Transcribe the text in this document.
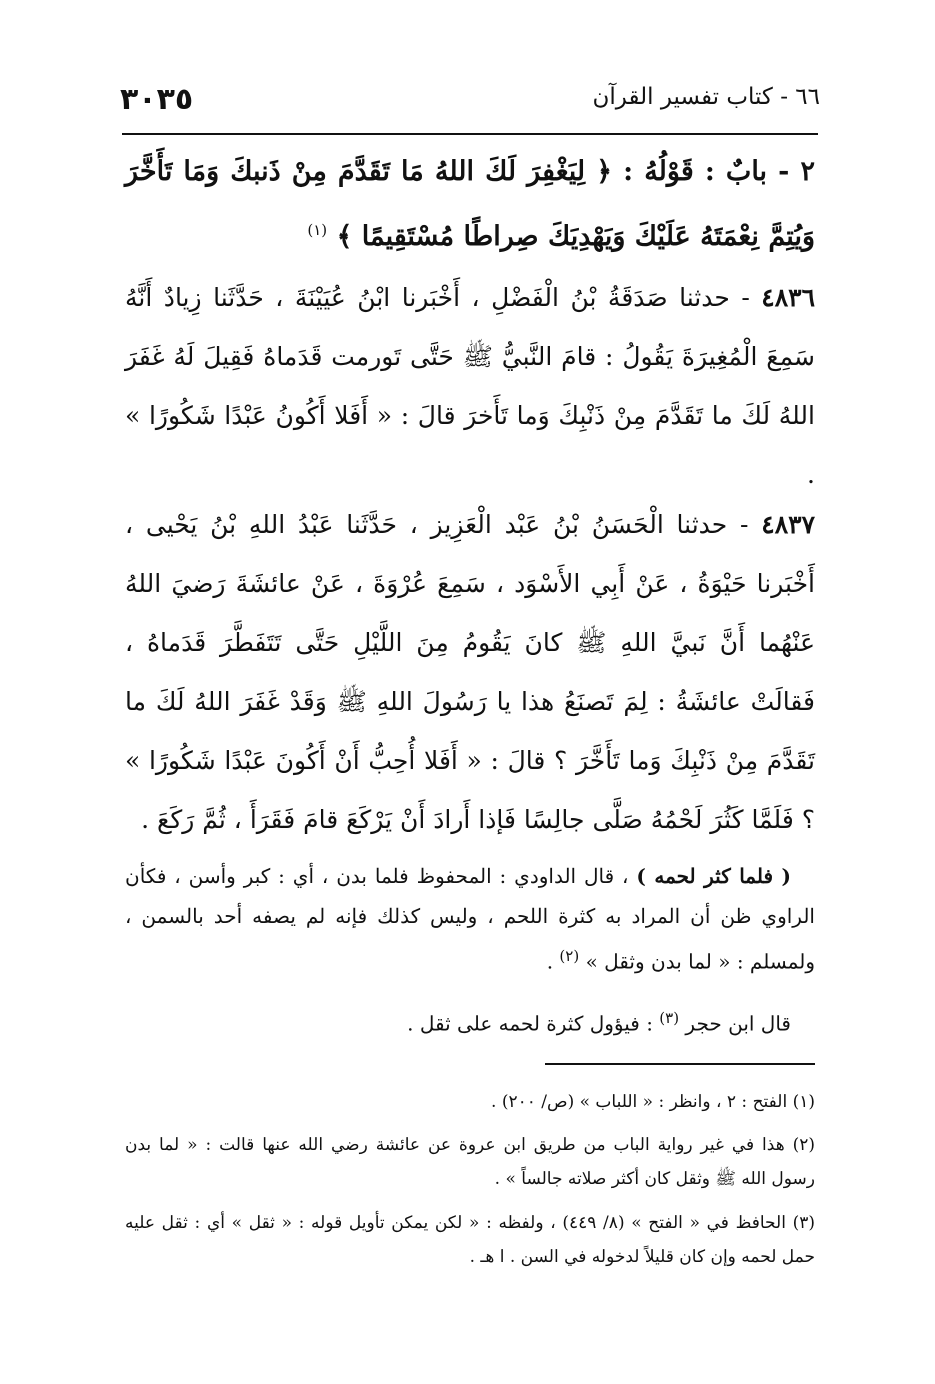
٣٠٣٥	٦٦ - كتاب تفسير القرآن
٢ - بابٌ : قَوْلُهُ : ﴿ لِيَغْفِرَ لَكَ اللهُ مَا تَقَدَّمَ مِنْ ذَنبكَ وَمَا تَأَخَّرَ وَيُتِمَّ نِعْمَتَهُ عَلَيْكَ وَيَهْدِيَكَ صِراطًا مُسْتَقِيمًا ﴾ $^{(١)}$
٤٨٣٦ - حدثنا صَدَقَةُ بْنُ الْفَضْلِ ، أَخْبَرنا ابْنُ عُيَيْنَةَ ، حَدَّثَنا زِيادٌ أَنَّهُ سَمِعَ الْمُغِيرَةَ يَقُولُ : قامَ النَّبيُّ ﷺ حَتَّى تَورمت قَدَماهُ فَقِيلَ لَهُ غَفَرَ اللهُ لَكَ ما تَقَدَّمَ مِنْ ذَنْبِكَ وَما تَأَخرَ قالَ : « أَفَلا أَكُونُ عَبْدًا شَكُورًا » .
٤٨٣٧ - حدثنا الْحَسَنُ بْنُ عَبْد الْعَزِيز ، حَدَّثَنا عَبْدُ اللهِ بْنُ يَحْيى ، أَخْبَرنا حَيْوَةُ ، عَنْ أَبِي الأَسْوَد ، سَمِعَ عُرْوَةَ ، عَنْ عائشَةَ رَضيَ اللهُ عَنْهُما أَنَّ نَبيَّ اللهِ ﷺ كانَ يَقُومُ مِنَ اللَّيْلِ حَتَّى تَتَفَطَّرَ قَدَماهُ ، فَقالَتْ عائشَةُ : لِمَ تَصنَعُ هذا يا رَسُولَ اللهِ ﷺ وَقَدْ غَفَرَ اللهُ لَكَ ما تَقَدَّمَ مِنْ ذَنْبِكَ وَما تَأَخَّرَ ؟ قالَ : « أَفَلا أُحِبُّ أَنْ أَكُونَ عَبْدًا شَكُورًا » ؟ فَلَمَّا كَثُرَ لَحْمُهُ صَلَّى جالِسًا فَإذا أَرادَ أَنْ يَرْكَعَ قامَ فَقَرَأَ ، ثُمَّ رَكَعَ .
( فلما كثر لحمه ) ، قال الداودي : المحفوظ فلما بدن ، أي : كبر وأسن ، فكأن الراوي ظن أن المراد به كثرة اللحم ، وليس كذلك فإنه لم يصفه أحد بالسمن ، ولمسلم : « لما بدن وثقل » $^{(٢)}$ .
قال ابن حجر $^{(٣)}$ : فيؤول كثرة لحمه على ثقل .
(١) الفتح : ٢ ، وانظر : « اللباب » (ص/ ٢٠٠) .
(٢) هذا في غير رواية الباب من طريق ابن عروة عن عائشة رضي الله عنها قالت : « لما بدن رسول الله ﷺ وثقل كان أكثر صلاته جالساً » .
(٣) الحافظ في « الفتح » (٨/ ٤٤٩) ، ولفظه : « لكن يمكن تأويل قوله : « ثقل » أي : ثقل عليه حمل لحمه وإن كان قليلاً لدخوله في السن . ا هـ .
